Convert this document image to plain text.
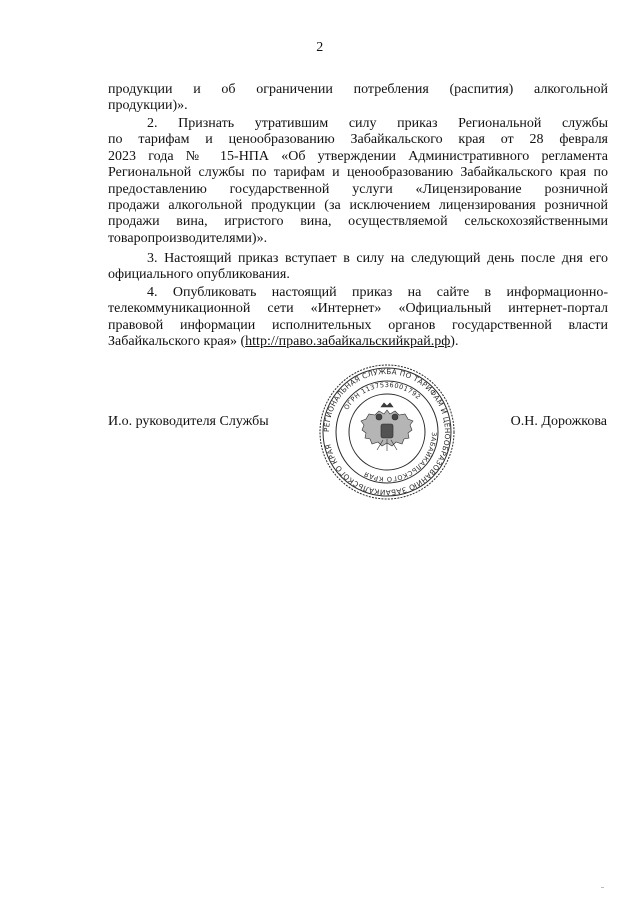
2
продукции и об ограничении потребления (распития) алкогольной
продукции)».
2. Признать утратившим силу приказ Региональной службы
по тарифам и ценообразованию Забайкальского края от 28 февраля
2023 года № 15-НПА «Об утверждении Административного регламента
Региональной службы по тарифам и ценообразованию Забайкальского края по
предоставлению государственной услуги «Лицензирование розничной
продажи алкогольной продукции (за исключением лицензирования розничной
продажи вина, игристого вина, осуществляемой сельскохозяйственными
товаропроизводителями)».
3. Настоящий приказ вступает в силу на следующий день после дня его
официального опубликования.
4. Опубликовать настоящий приказ на сайте в информационно-
телекоммуникационной сети «Интернет» «Официальный интернет-портал
правовой информации исполнительных органов государственной власти
Забайкальского края» (http://право.забайкальскийкрай.рф).
И.о. руководителя Службы	О.Н. Дорожкова
РЕГИОНАЛЬНАЯ СЛУЖБА ПО ТАРИФАМ И ЦЕНООБРАЗОВАНИЮ ЗАБАЙКАЛЬСКОГО КРАЯ
ОГРН 1137536001792
ЗАБАЙКАЛЬСКОГО КРАЯ
